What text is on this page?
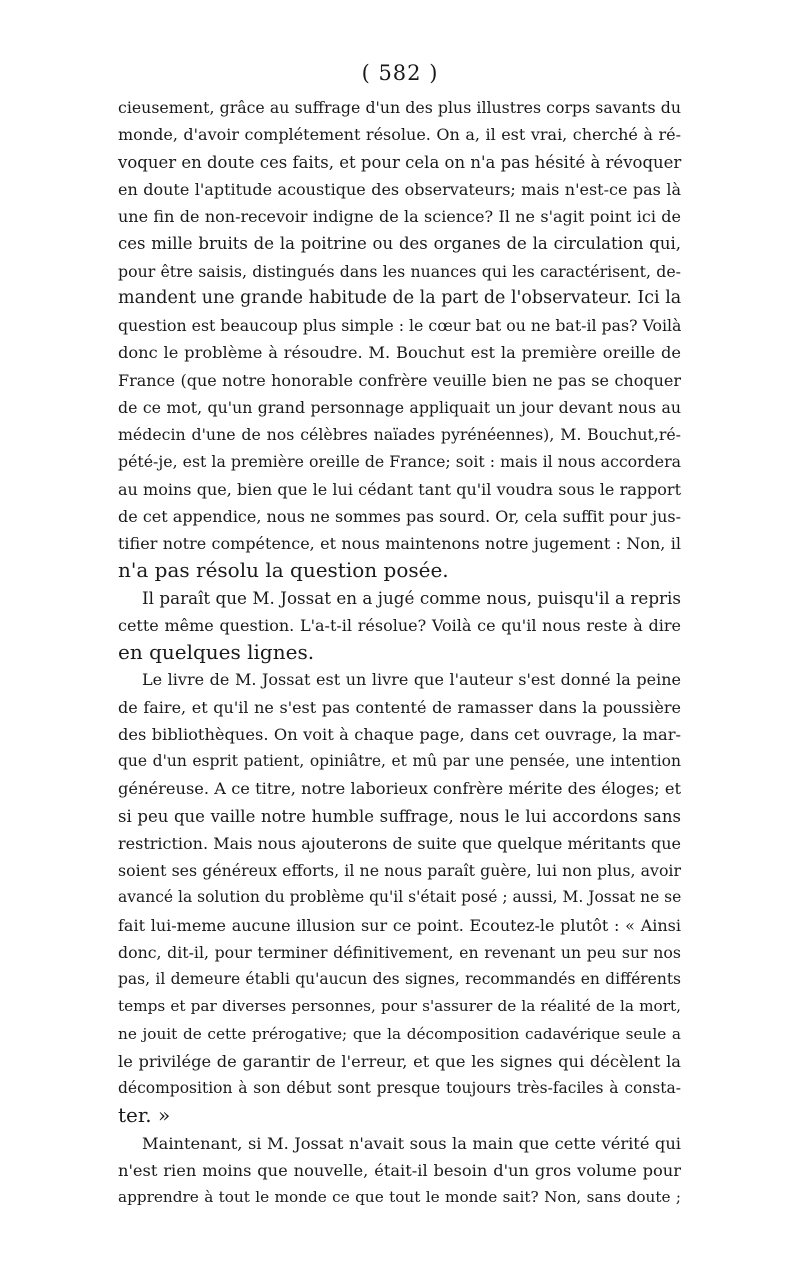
( 582 )
cieusement, grâce au suffrage d'un des plus illustres corps savants du
monde, d'avoir complétement résolue. On a, il est vrai, cherché à ré-
voquer en doute ces faits, et pour cela on n'a pas hésité à révoquer
en doute l'aptitude acoustique des observateurs; mais n'est-ce pas là
une fin de non-recevoir indigne de la science? Il ne s'agit point ici de
ces mille bruits de la poitrine ou des organes de la circulation qui,
pour être saisis, distingués dans les nuances qui les caractérisent, de-
mandent une grande habitude de la part de l'observateur. Ici la
question est beaucoup plus simple : le cœur bat ou ne bat-il pas? Voilà
donc le problème à résoudre. M. Bouchut est la première oreille de
France (que notre honorable confrère veuille bien ne pas se choquer
de ce mot, qu'un grand personnage appliquait un jour devant nous au
médecin d'une de nos célèbres naïades pyrénéennes), M. Bouchut,ré-
pété-je, est la première oreille de France; soit : mais il nous accordera
au moins que, bien que le lui cédant tant qu'il voudra sous le rapport
de cet appendice, nous ne sommes pas sourd. Or, cela suffit pour jus-
tifier notre compétence, et nous maintenons notre jugement : Non, il
n'a pas résolu la question posée.
Il paraît que M. Jossat en a jugé comme nous, puisqu'il a repris
cette même question. L'a-t-il résolue? Voilà ce qu'il nous reste à dire
en quelques lignes.
Le livre de M. Jossat est un livre que l'auteur s'est donné la peine
de faire, et qu'il ne s'est pas contenté de ramasser dans la poussière
des bibliothèques. On voit à chaque page, dans cet ouvrage, la mar-
que d'un esprit patient, opiniâtre, et mû par une pensée, une intention
généreuse. A ce titre, notre laborieux confrère mérite des éloges; et
si peu que vaille notre humble suffrage, nous le lui accordons sans
restriction. Mais nous ajouterons de suite que quelque méritants que
soient ses généreux efforts, il ne nous paraît guère, lui non plus, avoir
avancé la solution du problème qu'il s'était posé ; aussi, M. Jossat ne se
fait lui-meme aucune illusion sur ce point. Ecoutez-le plutôt : « Ainsi
donc, dit-il, pour terminer définitivement, en revenant un peu sur nos
pas, il demeure établi qu'aucun des signes, recommandés en différents
temps et par diverses personnes, pour s'assurer de la réalité de la mort,
ne jouit de cette prérogative; que la décomposition cadavérique seule a
le privilége de garantir de l'erreur, et que les signes qui décèlent la
décomposition à son début sont presque toujours très-faciles à consta-
ter. »
Maintenant, si M. Jossat n'avait sous la main que cette vérité qui
n'est rien moins que nouvelle, était-il besoin d'un gros volume pour
apprendre à tout le monde ce que tout le monde sait? Non, sans doute ;
